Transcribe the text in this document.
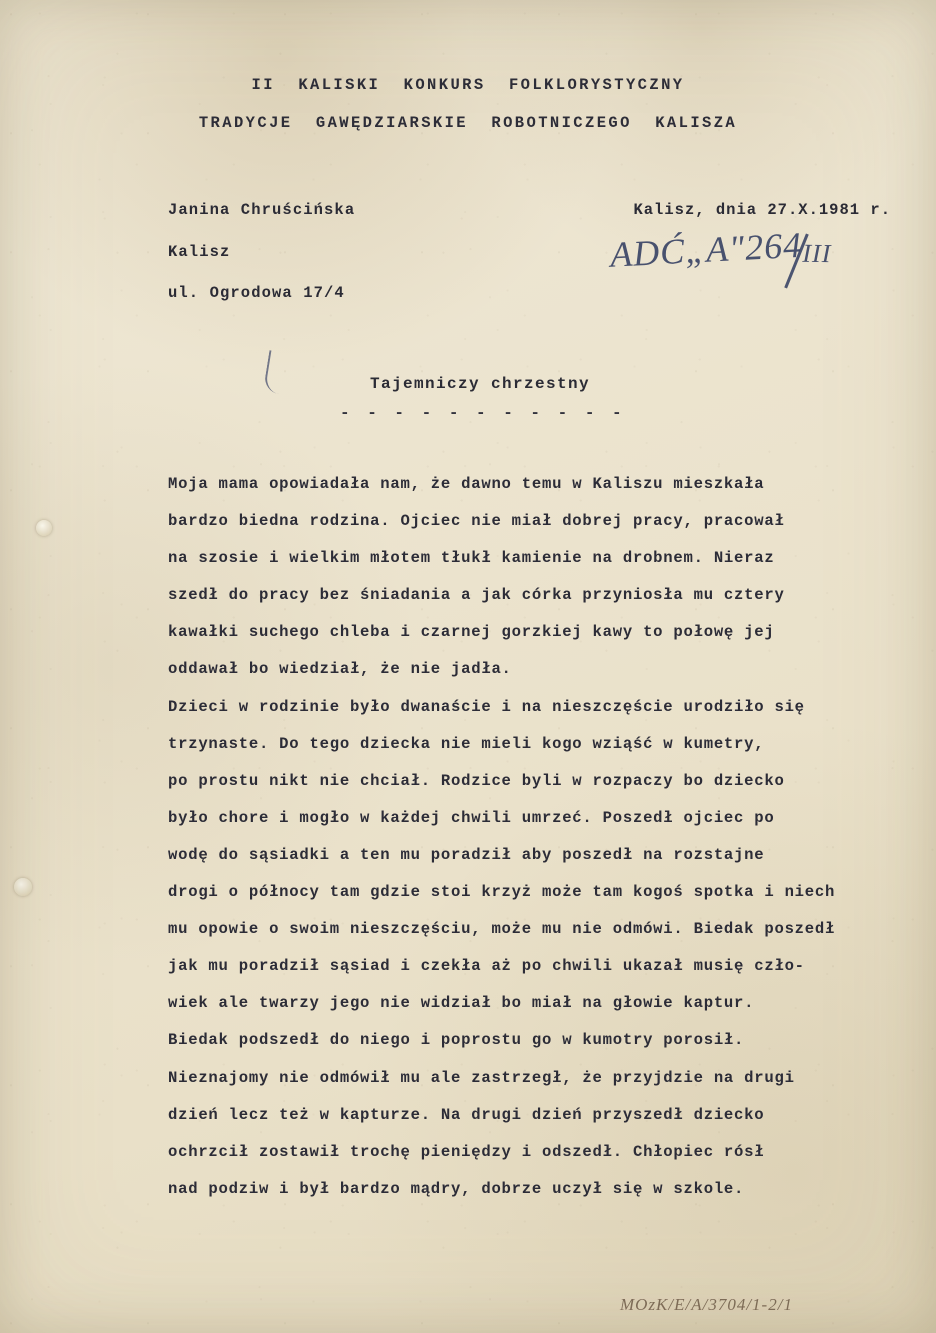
II  KALISKI  KONKURS  FOLKLORYSTYCZNY
TRADYCJE  GAWĘDZIARSKIE  ROBOTNICZEGO  KALISZA
Janina Chruścińska
Kalisz
ul. Ogrodowa 17/4
Kalisz, dnia 27.X.1981 r.
ADĆ„A"264III
Tajemniczy chrzestny
- - - - - - - - - - -
Moja mama opowiadała nam, że dawno temu w Kaliszu mieszkała
bardzo biedna rodzina. Ojciec nie miał dobrej pracy, pracował
na szosie i wielkim młotem tłukł kamienie na drobnem. Nieraz
szedł do pracy bez śniadania a jak córka przyniosła mu cztery
kawałki suchego chleba i czarnej gorzkiej kawy to połowę jej
oddawał bo wiedział, że nie jadła.
Dzieci w rodzinie było dwanaście i na nieszczęście urodziło się
trzynaste. Do tego dziecka nie mieli kogo wziąść w kumetry,
po prostu nikt nie chciał. Rodzice byli w rozpaczy bo dziecko
było chore i mogło w każdej chwili umrzeć. Poszedł ojciec po
wodę do sąsiadki a ten mu poradził aby poszedł na rozstajne
drogi o północy tam gdzie stoi krzyż może tam kogoś spotka i niech
mu opowie o swoim nieszczęściu, może mu nie odmówi. Biedak poszedł
jak mu poradził sąsiad i czekła aż po chwili ukazał musię czło-
wiek ale twarzy jego nie widział bo miał na głowie kaptur.
Biedak podszedł do niego i poprostu go w kumotry porosił.
Nieznajomy nie odmówił mu ale zastrzegł, że przyjdzie na drugi
dzień lecz też w kapturze. Na drugi dzień przyszedł dziecko
ochrzcił zostawił trochę pieniędzy i odszedł. Chłopiec rósł
nad podziw i był bardzo mądry, dobrze uczył się w szkole.
MOzK/E/A/3704/1-2/1
